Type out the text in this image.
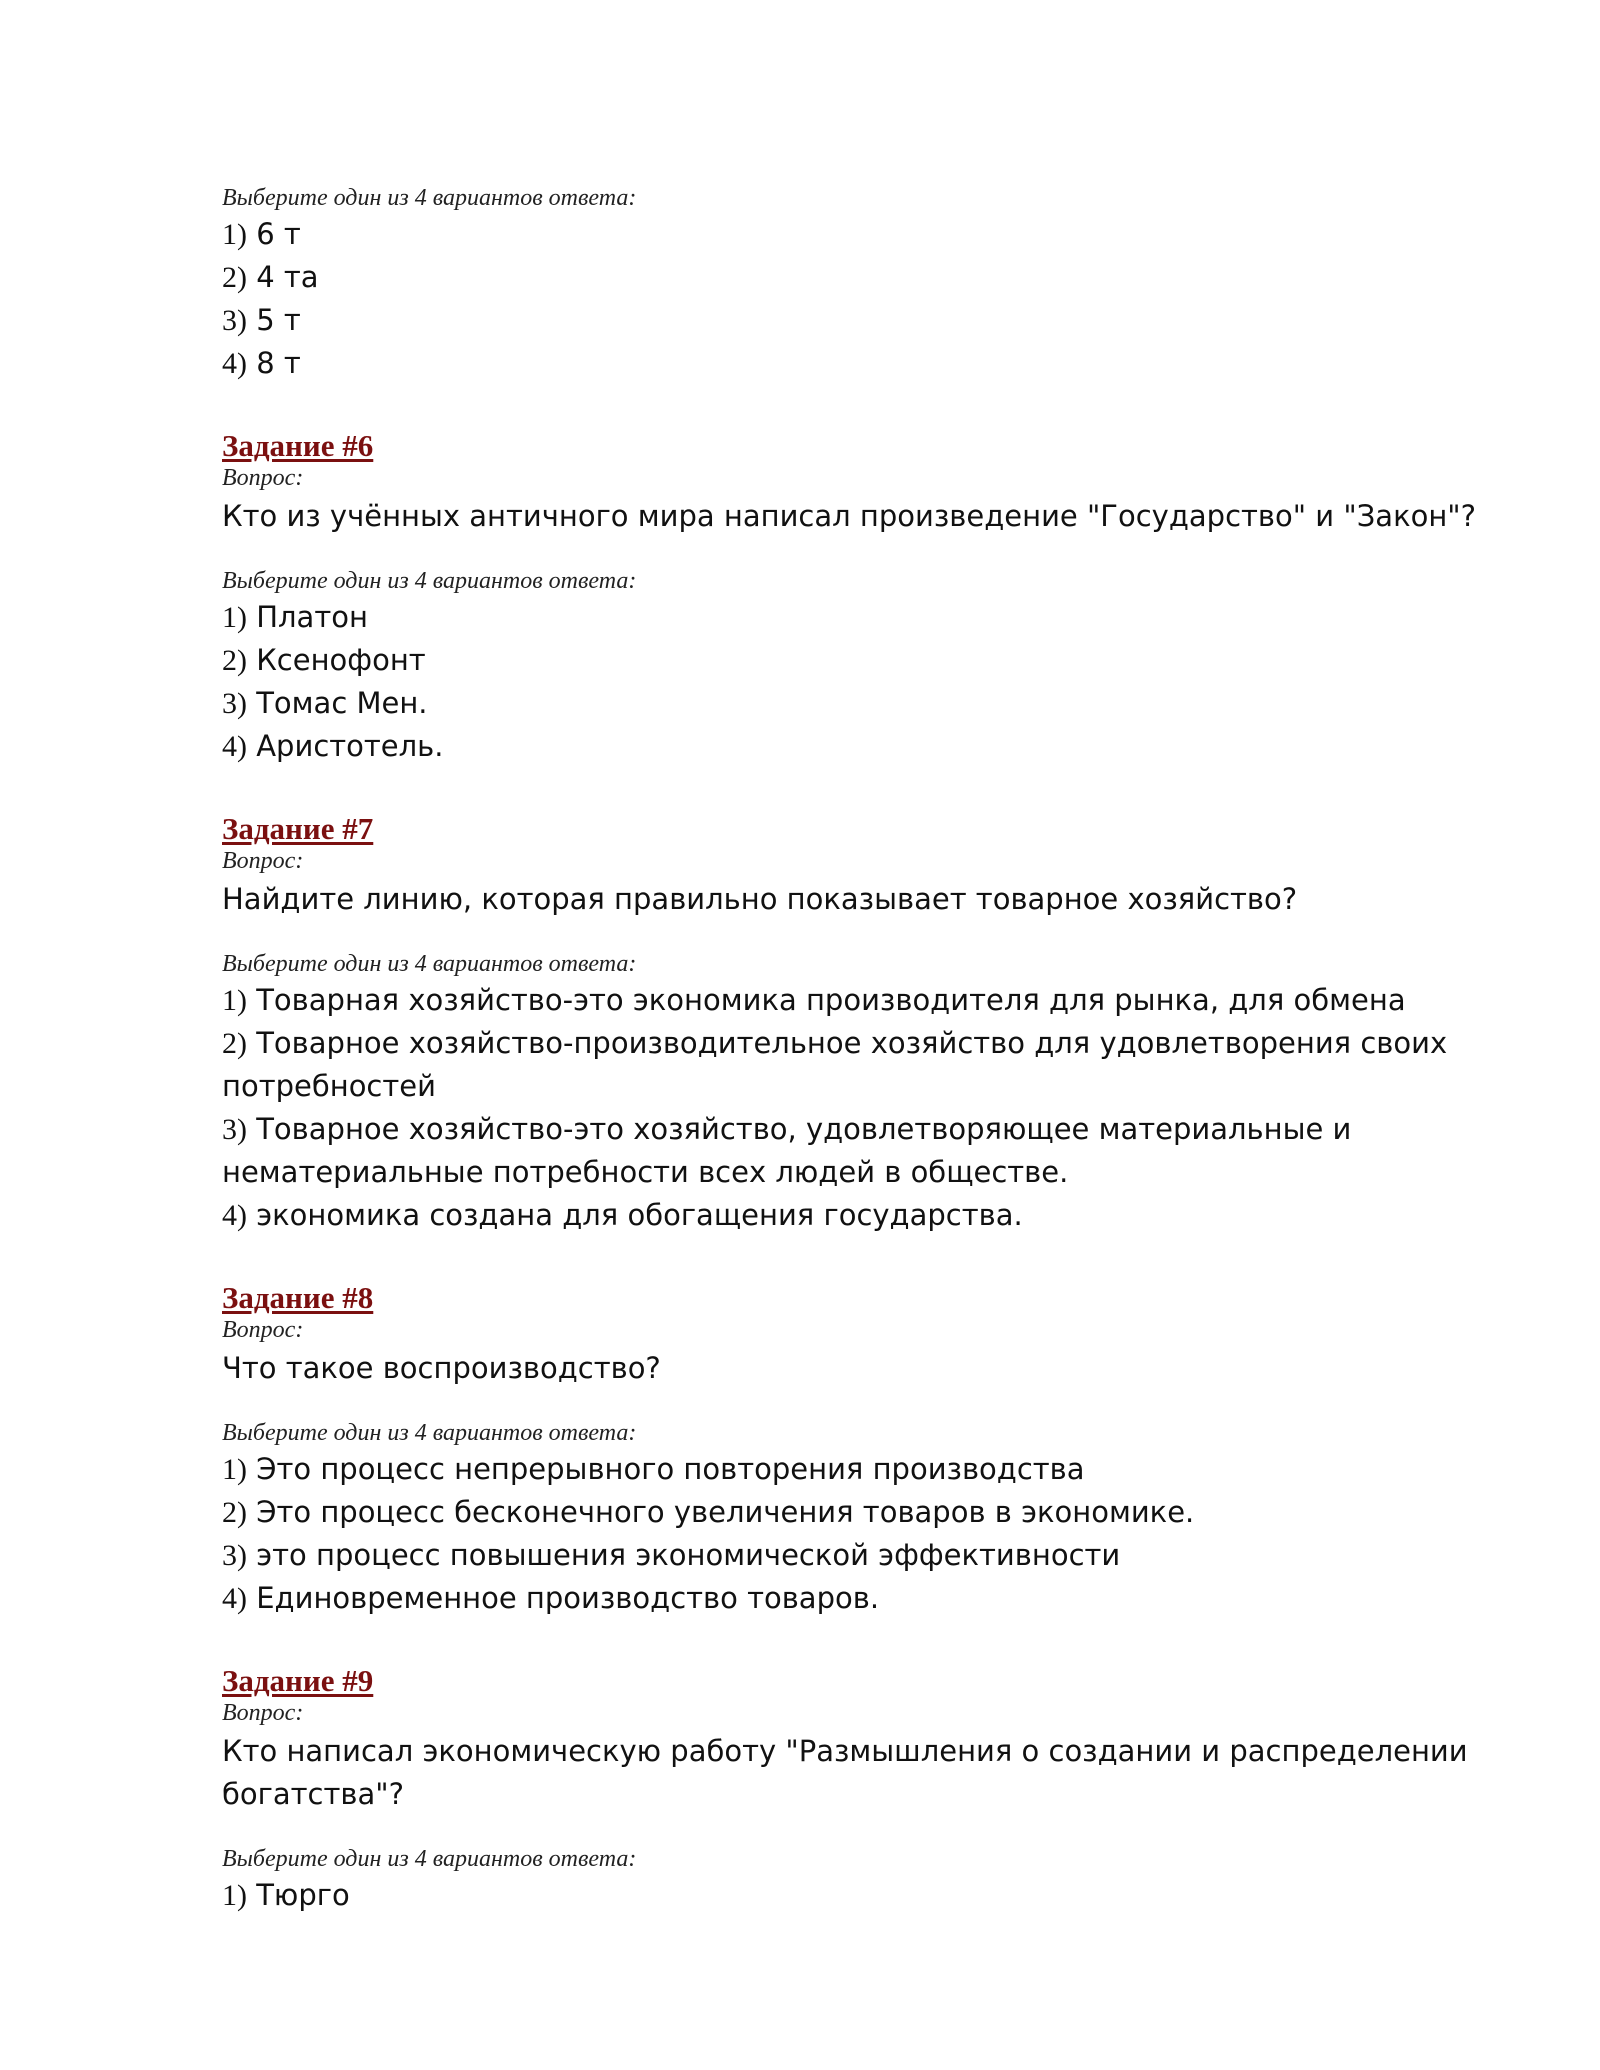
Выберите один из 4 вариантов ответа:
1) 6 т
2) 4 та
3) 5 т
4) 8 т
Задание #6
Вопрос:
Кто из учённых античного мира написал произведение "Государство" и "Закон"?
Выберите один из 4 вариантов ответа:
1) Платон
2) Ксенофонт
3) Томас Мен.
4) Аристотель.
Задание #7
Вопрос:
Найдите линию, которая правильно показывает товарное хозяйство?
Выберите один из 4 вариантов ответа:
1) Товарная хозяйство-это экономика производителя для рынка, для обмена
2) Товарное хозяйство-производительное хозяйство для удовлетворения своих потребностей
3) Товарное хозяйство-это хозяйство, удовлетворяющее материальные и нематериальные потребности всех людей в обществе.
4) экономика создана для обогащения государства.
Задание #8
Вопрос:
Что такое воспроизводство?
Выберите один из 4 вариантов ответа:
1) Это процесс непрерывного повторения производства
2) Это процесс бесконечного увеличения товаров в экономике.
3) это процесс повышения экономической эффективности
4) Единовременное производство товаров.
Задание #9
Вопрос:
Кто написал экономическую работу "Размышления о создании и распределении богатства"?
Выберите один из 4 вариантов ответа:
1) Тюрго
